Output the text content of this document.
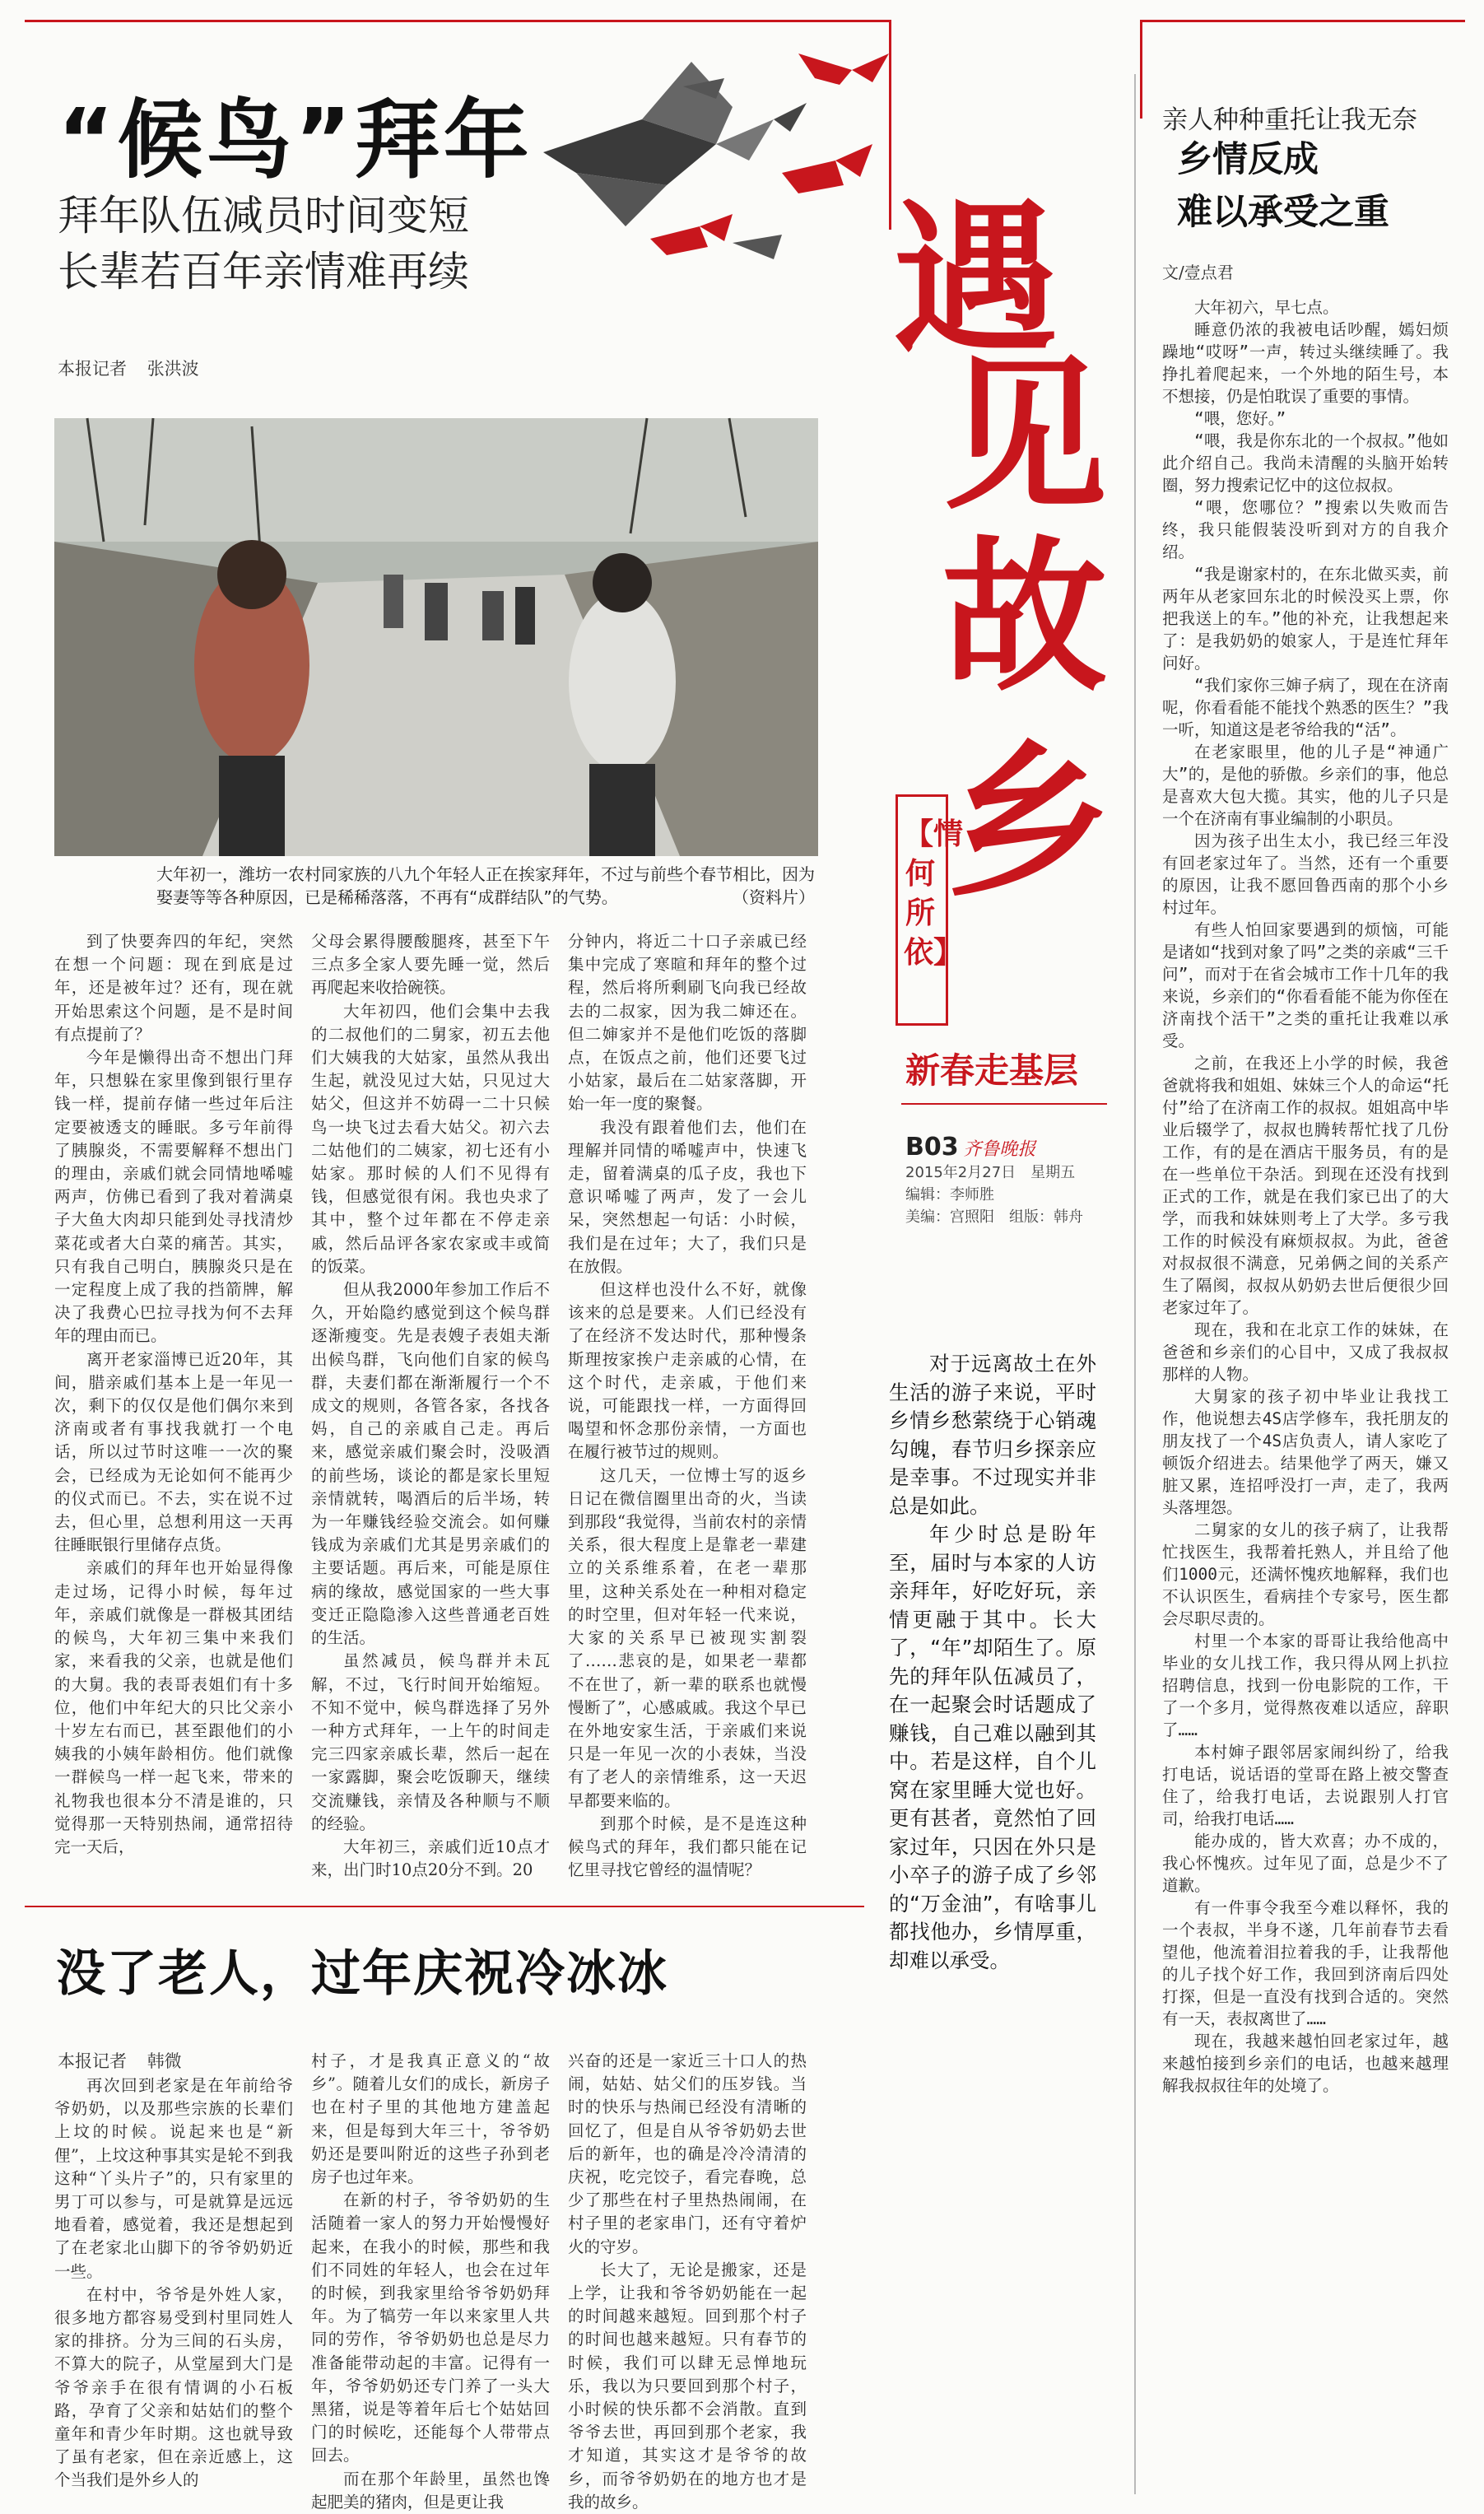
“候鸟”拜年
拜年队伍减员时间变短
长辈若百年亲情难再续
本报记者 张洪波
大年初一，潍坊一农村同家族的八九个年轻人正在挨家拜年，不过与前些个春节相比，因为娶妻等等各种原因，已是稀稀落落，不再有“成群结队”的气势。	（资料片）

到了快要奔四的年纪，突然在想一个问题：现在到底是过年，还是被年过？还有，现在就开始思索这个问题，是不是时间有点提前了？

今年是懒得出奇不想出门拜年，只想躲在家里像到银行里存钱一样，提前存储一些过年后注定要被透支的睡眠。多亏年前得了胰腺炎，不需要解释不想出门的理由，亲戚们就会同情地唏嘘两声，仿佛已看到了我对着满桌子大鱼大肉却只能到处寻找清炒菜花或者大白菜的痛苦。其实，只有我自己明白，胰腺炎只是在一定程度上成了我的挡箭牌，解决了我费心巴拉寻找为何不去拜年的理由而已。

离开老家淄博已近20年，其间，腊亲戚们基本上是一年见一次，剩下的仅仅是他们偶尔来到济南或者有事找我就打一个电话，所以过节时这唯一一次的聚会，已经成为无论如何不能再少的仪式而已。不去，实在说不过去，但心里，总想利用这一天再往睡眠银行里储存点货。

亲戚们的拜年也开始显得像走过场，记得小时候，每年过年，亲戚们就像是一群极其团结的候鸟，大年初三集中来我们家，来看我的父亲，也就是他们的大舅。我的表哥表姐们有十多位，他们中年纪大的只比父亲小十岁左右而已，甚至跟他们的小姨我的小姨年龄相仿。他们就像一群候鸟一样一起飞来，带来的礼物我也很本分不清是谁的，只觉得那一天特别热闹，通常招待完一天后，

父母会累得腰酸腿疼，甚至下午三点多全家人要先睡一觉，然后再爬起来收拾碗筷。

大年初四，他们会集中去我的二叔他们的二舅家，初五去他们大姨我的大姑家，虽然从我出生起，就没见过大姑，只见过大姑父，但这并不妨碍一二十只候鸟一块飞过去看大姑父。初六去二姑他们的二姨家，初七还有小姑家。那时候的人们不见得有钱，但感觉很有闲。我也央求了其中，整个过年都在不停走亲戚，然后品评各家农家或丰或简的饭菜。

但从我2000年参加工作后不久，开始隐约感觉到这个候鸟群逐渐瘦变。先是表嫂子表姐夫渐出候鸟群，飞向他们自家的候鸟群，夫妻们都在渐渐履行一个不成文的规则，各管各家，各找各妈，自己的亲戚自己走。再后来，感觉亲戚们聚会时，没吸酒的前些场，谈论的都是家长里短亲情就转，喝酒后的后半场，转为一年赚钱经验交流会。如何赚钱成为亲戚们尤其是男亲戚们的主要话题。再后来，可能是原住病的缘故，感觉国家的一些大事变迁正隐隐渗入这些普通老百姓的生活。

虽然减员，候鸟群并未瓦解，不过，飞行时间开始缩短。不知不觉中，候鸟群选择了另外一种方式拜年，一上午的时间走完三四家亲戚长辈，然后一起在一家露脚，聚会吃饭聊天，继续交流赚钱，亲情及各种顺与不顺的经验。

大年初三，亲戚们近10点才来，出门时10点20分不到。20

分钟内，将近二十口子亲戚已经集中完成了寒暄和拜年的整个过程，然后将所剩刷飞向我已经故去的二叔家，因为我二婶还在。但二婶家并不是他们吃饭的落脚点，在饭点之前，他们还要飞过小姑家，最后在二姑家落脚，开始一年一度的聚餐。

我没有跟着他们去，他们在理解并同情的唏嘘声中，快速飞走，留着满桌的瓜子皮，我也下意识唏嘘了两声，发了一会儿呆，突然想起一句话：小时候，我们是在过年；大了，我们只是在放假。

但这样也没什么不好，就像该来的总是要来。人们已经没有了在经济不发达时代，那种慢条斯理按家挨户走亲戚的心情，在这个时代，走亲戚，于他们来说，可能跟找一样，一方面得回喝望和怀念那份亲情，一方面也在履行被节过的规则。

这几天，一位博士写的返乡日记在微信圈里出奇的火，当读到那段“我觉得，当前农村的亲情关系，很大程度上是靠老一辈建立的关系维系着，在老一辈那里，这种关系处在一种相对稳定的时空里，但对年轻一代来说，大家的关系早已被现实割裂了……悲哀的是，如果老一辈都不在世了，新一辈的联系也就慢慢断了”，心感戚戚。我这个早已在外地安家生活，于亲戚们来说只是一年见一次的小表妹，当没有了老人的亲情维系，这一天迟早都要来临的。

到那个时候，是不是连这种候鸟式的拜年，我们都只能在记忆里寻找它曾经的温情呢？

没了老人，过年庆祝冷冰冰
本报记者 韩微

再次回到老家是在年前给爷爷奶奶，以及那些宗族的长辈们上坟的时候。说起来也是“新俚”，上坟这种事其实是轮不到我这种“丫头片子”的，只有家里的男丁可以参与，可是就算是远远地看着，感觉着，我还是想起到了在老家北山脚下的爷爷奶奶近一些。

在村中，爷爷是外姓人家，很多地方都容易受到村里同姓人家的排挤。分为三间的石头房，不算大的院子，从堂屋到大门是爷爷亲手在很有情调的小石板路，孕育了父亲和姑姑们的整个童年和青少年时期。这也就导致了虽有老家，但在亲近感上，这个当我们是外乡人的

村子，才是我真正意义的“故乡”。随着儿女们的成长，新房子也在村子里的其他地方建盖起来，但是每到大年三十，爷爷奶奶还是要叫附近的这些子孙到老房子也过年来。

在新的村子，爷爷奶奶的生活随着一家人的努力开始慢慢好起来，在我小的时候，那些和我们不同姓的年轻人，也会在过年的时候，到我家里给爷爷奶奶拜年。为了犒劳一年以来家里人共同的劳作，爷爷奶奶也总是尽力准备能带动起的丰富。记得有一年，爷爷奶奶还专门养了一头大黑猪，说是等着年后七个姑姑回门的时候吃，还能每个人带带点回去。

而在那个年龄里，虽然也馋起肥美的猪肉，但是更让我

兴奋的还是一家近三十口人的热闹，姑姑、姑父们的压岁钱。当时的快乐与热闹已经没有清晰的回忆了，但是自从爷爷奶奶去世后的新年，也的确是冷冷清清的庆祝，吃完饺子，看完春晚，总少了那些在村子里热热闹闹，在村子里的老家串门，还有守着炉火的守岁。

长大了，无论是搬家，还是上学，让我和爷爷奶奶能在一起的时间越来越短。回到那个村子的时间也越来越短。只有春节的时候，我们可以肆无忌惮地玩乐，我以为只要回到那个村子，小时候的快乐都不会消散。直到爷爷去世，再回到那个老家，我才知道，其实这才是爷爷的故乡，而爷爷奶奶在的地方也才是我的故乡。

遇
见
故
乡
【情何所依】
新春走基层
B03 齐鲁晚报
2015年2月27日　星期五
编辑：李师胜
美编：宫照阳　组版：韩舟

对于远离故土在外生活的游子来说，平时乡情乡愁萦绕于心销魂勾魄，春节归乡探亲应是幸事。不过现实并非总是如此。

年少时总是盼年至，届时与本家的人访亲拜年，好吃好玩，亲情更融于其中。长大了，“年”却陌生了。原先的拜年队伍减员了，在一起聚会时话题成了赚钱，自己难以融到其中。若是这样，自个儿窝在家里睡大觉也好。更有甚者，竟然怕了回家过年，只因在外只是小卒子的游子成了乡邻的“万金油”，有啥事儿都找他办，乡情厚重，却难以承受。

亲人种种重托让我无奈
乡情反成
难以承受之重
文/壹点君

大年初六，早七点。

睡意仍浓的我被电话吵醒，嫣妇烦躁地“哎呀”一声，转过头继续睡了。我挣扎着爬起来，一个外地的陌生号，本不想接，仍是怕耽误了重要的事情。

“喂，您好。”

“喂，我是你东北的一个叔叔。”他如此介绍自己。我尚未清醒的头脑开始转圈，努力搜索记忆中的这位叔叔。

“喂，您哪位？”搜索以失败而告终，我只能假装没听到对方的自我介绍。

“我是谢家村的，在东北做买卖，前两年从老家回东北的时候没买上票，你把我送上的车。”他的补充，让我想起来了：是我奶奶的娘家人，于是连忙拜年问好。

“我们家你三婶子病了，现在在济南呢，你看看能不能找个熟悉的医生？”我一听，知道这是老爷给我的“活”。

在老家眼里，他的儿子是“神通广大”的，是他的骄傲。乡亲们的事，他总是喜欢大包大揽。其实，他的儿子只是一个在济南有事业编制的小职员。

因为孩子出生太小，我已经三年没有回老家过年了。当然，还有一个重要的原因，让我不愿回鲁西南的那个小乡村过年。

有些人怕回家要遇到的烦恼，可能是诸如“找到对象了吗”之类的亲戚“三千问”，而对于在省会城市工作十几年的我来说，乡亲们的“你看看能不能为你侄在济南找个活干”之类的重托让我难以承受。

之前，在我还上小学的时候，我爸爸就将我和姐姐、妹妹三个人的命运“托付”给了在济南工作的叔叔。姐姐高中毕业后辍学了，叔叔也腾转帮忙找了几份工作，有的是在酒店干服务员，有的是在一些单位干杂活。到现在还没有找到正式的工作，就是在我们家已出了的大学，而我和妹妹则考上了大学。多亏我工作的时候没有麻烦叔叔。为此，爸爸对叔叔很不满意，兄弟俩之间的关系产生了隔阂，叔叔从奶奶去世后便很少回老家过年了。

现在，我和在北京工作的妹妹，在爸爸和乡亲们的心目中，又成了我叔叔那样的人物。

大舅家的孩子初中毕业让我找工作，他说想去4S店学修车，我托朋友的朋友找了一个4S店负责人，请人家吃了顿饭介绍进去。结果他学了两天，嫌又脏又累，连招呼没打一声，走了，我两头落埋怨。

二舅家的女儿的孩子病了，让我帮忙找医生，我帮着托熟人，并且给了他们1000元，还满怀愧疚地解释，我们也不认识医生，看病挂个专家号，医生都会尽职尽责的。

村里一个本家的哥哥让我给他高中毕业的女儿找工作，我只得从网上扒拉招聘信息，找到一份电影院的工作，干了一个多月，觉得熬夜难以适应，辞职了……

本村婶子跟邻居家闹纠纷了，给我打电话，说话语的堂哥在路上被交警查住了，给我打电话，去说跟别人打官司，给我打电话……

能办成的，皆大欢喜；办不成的，我心怀愧疚。过年见了面，总是少不了道歉。

有一件事令我至今难以释怀，我的一个表叔，半身不遂，几年前春节去看望他，他流着泪拉着我的手，让我帮他的儿子找个好工作，我回到济南后四处打探，但是一直没有找到合适的。突然有一天，表叔离世了……

现在，我越来越怕回老家过年，越来越怕接到乡亲们的电话，也越来越理解我叔叔往年的处境了。
